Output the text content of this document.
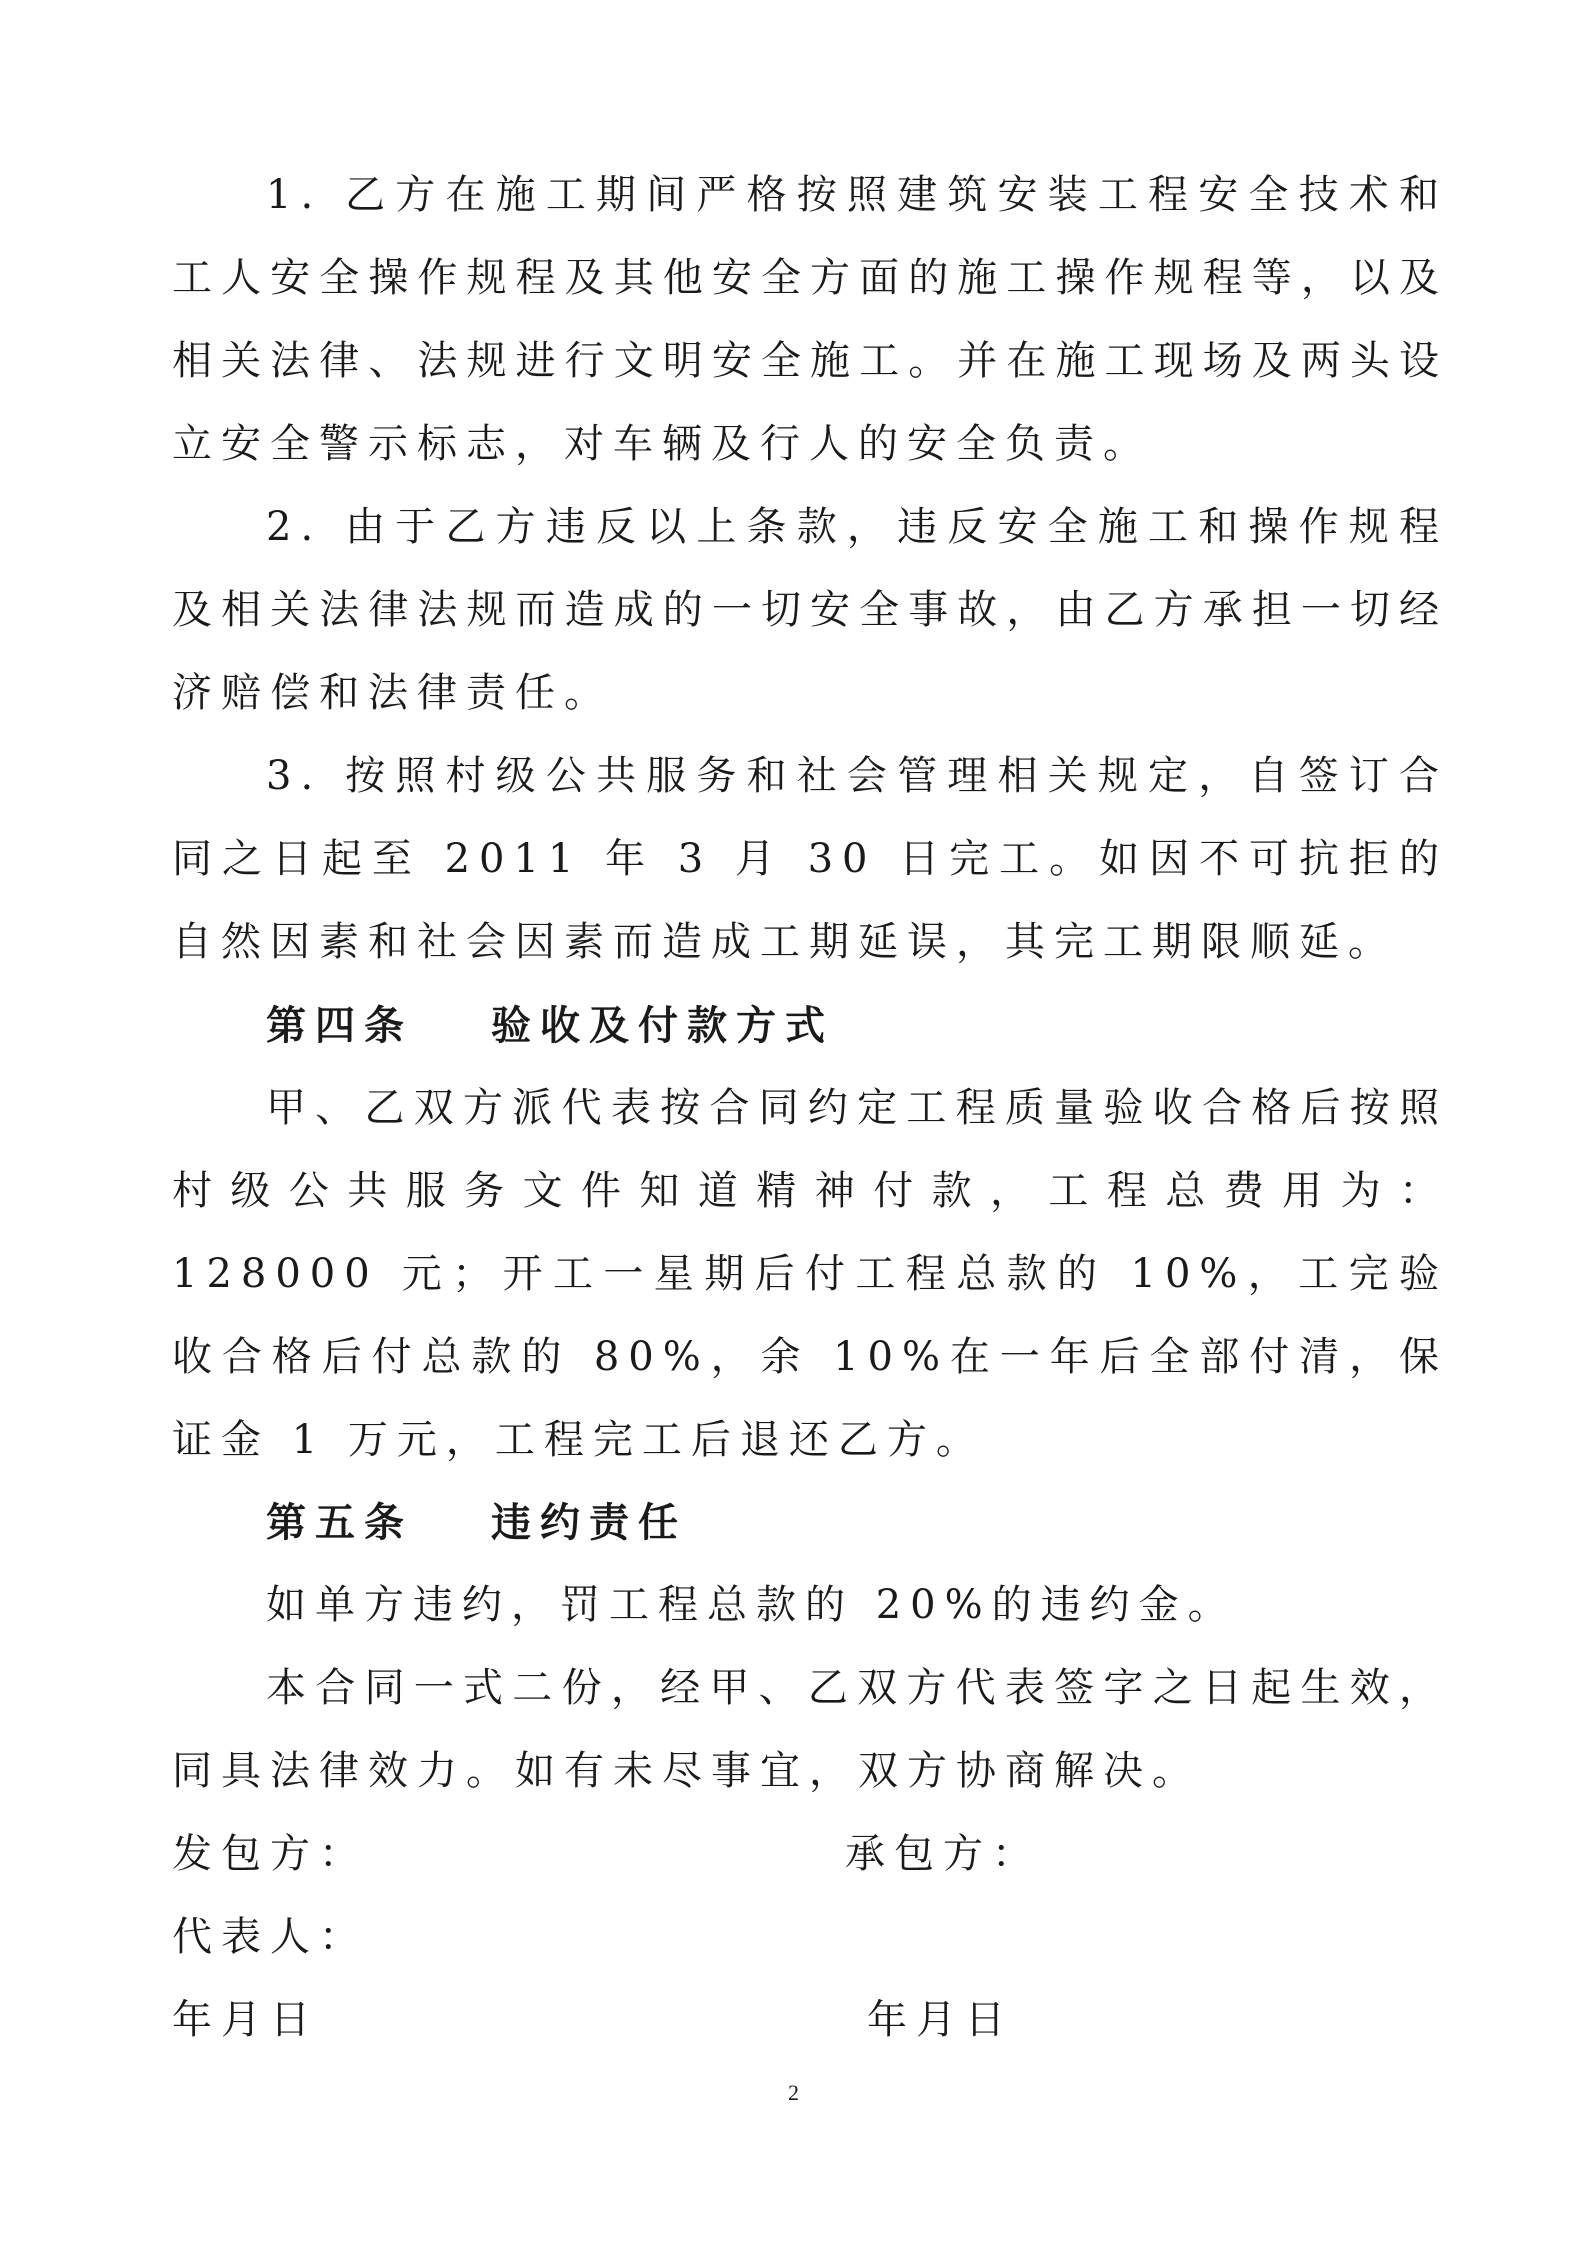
1. 乙方在施工期间严格按照建筑安装工程安全技术和工人安全操作规程及其他安全方面的施工操作规程等，以及相关法律、法规进行文明安全施工。并在施工现场及两头设立安全警示标志，对车辆及行人的安全负责。

2. 由于乙方违反以上条款，违反安全施工和操作规程及相关法律法规而造成的一切安全事故，由乙方承担一切经济赔偿和法律责任。

3. 按照村级公共服务和社会管理相关规定，自签订合同之日起至 2011 年 3 月 30 日完工。如因不可抗拒的自然因素和社会因素而造成工期延误，其完工期限顺延。

第四条 验收及付款方式

甲、乙双方派代表按合同约定工程质量验收合格后按照村级公共服务文件知道精神付款，工程总费用为：128000 元；开工一星期后付工程总款的 10%，工完验收合格后付总款的 80%，余 10%在一年后全部付清，保证金 1 万元，工程完工后退还乙方。

第五条 违约责任

如单方违约，罚工程总款的 20%的违约金。

本合同一式二份，经甲、乙双方代表签字之日起生效，同具法律效力。如有未尽事宜，双方协商解决。

发包方：	承包方：
代表人：
年月日	年月日
2
